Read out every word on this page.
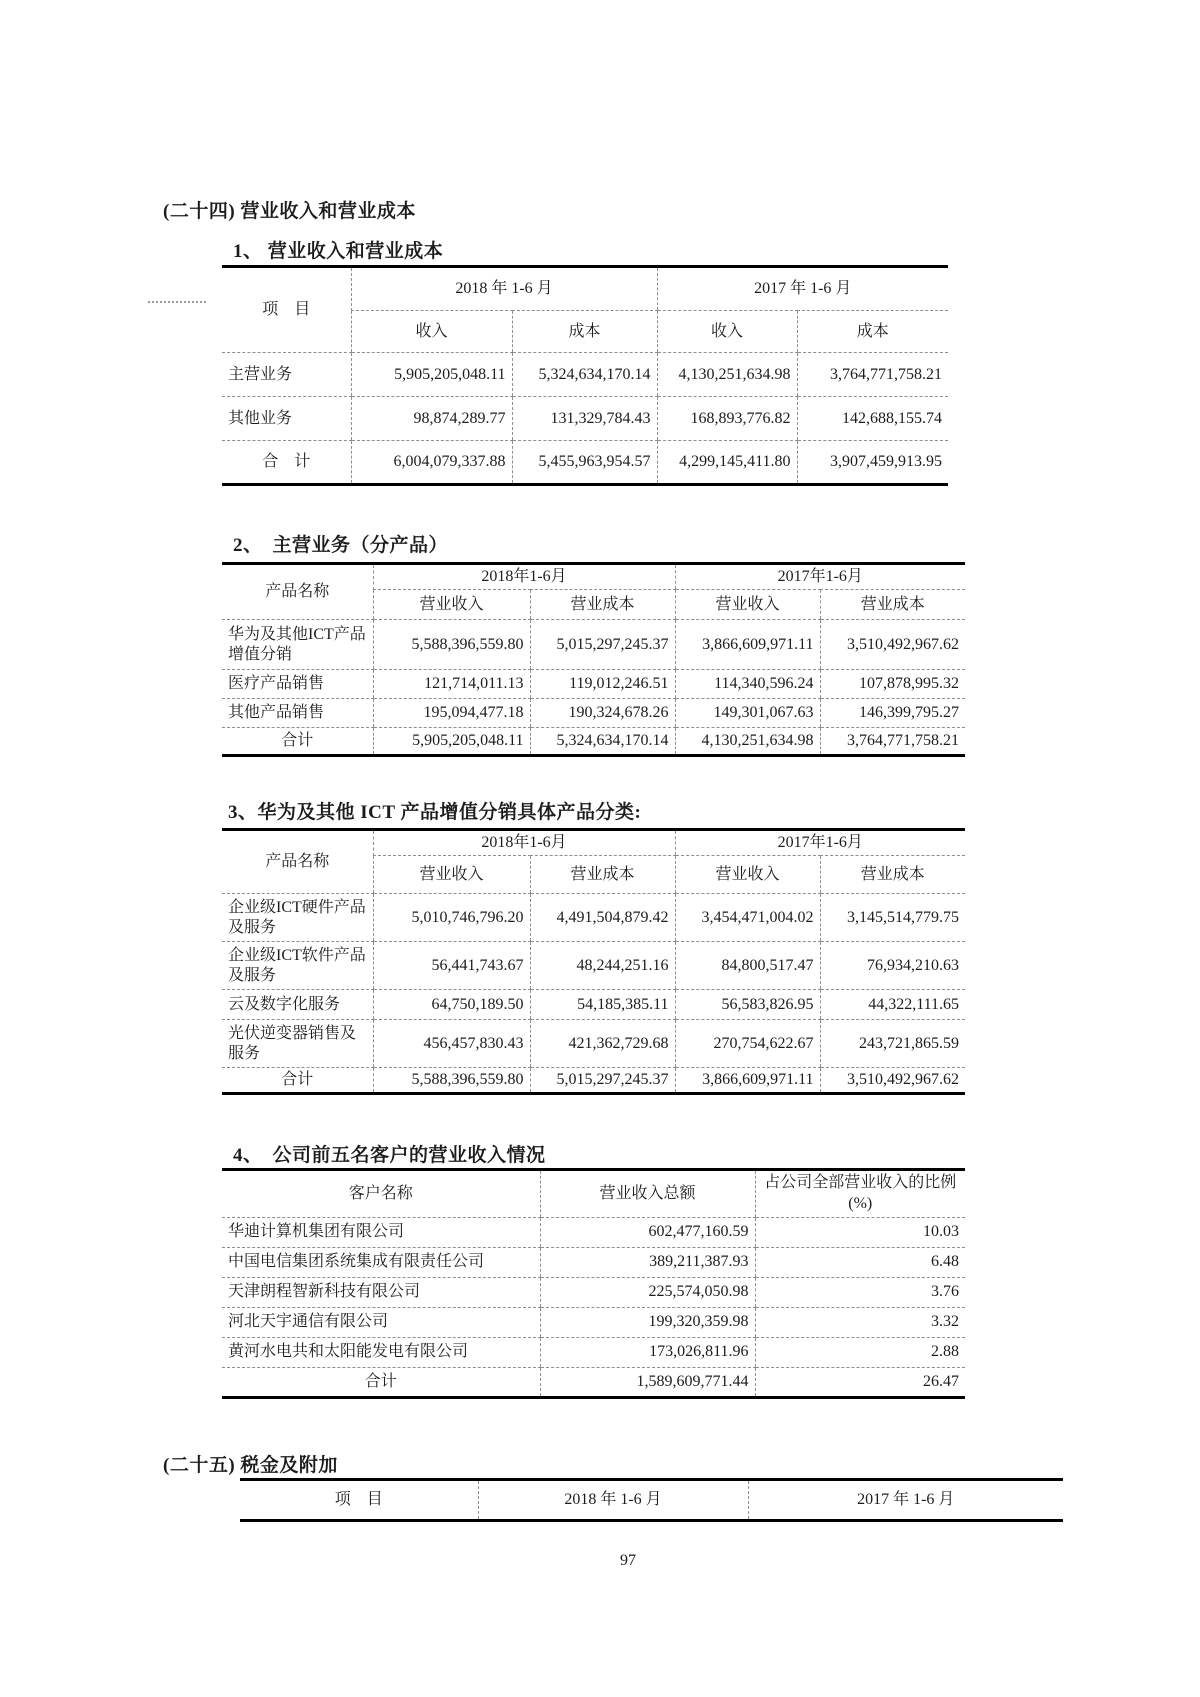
(二十四) 营业收入和营业成本
1、 营业收入和营业成本
项　目	2018 年 1-6 月		2017 年 1-6 月	
	收入	成本	收入	成本
主营业务	5,905,205,048.11	5,324,634,170.14	4,130,251,634.98	3,764,771,758.21
其他业务	98,874,289.77	131,329,784.43	168,893,776.82	142,688,155.74
合　计	6,004,079,337.88	5,455,963,954.57	4,299,145,411.80	3,907,459,913.95
2、　主营业务（分产品）
产品名称	2018年1-6月		2017年1-6月	
	营业收入	营业成本	营业收入	营业成本
华为及其他ICT产品增值分销	5,588,396,559.80	5,015,297,245.37	3,866,609,971.11	3,510,492,967.62
医疗产品销售	121,714,011.13	119,012,246.51	114,340,596.24	107,878,995.32
其他产品销售	195,094,477.18	190,324,678.26	149,301,067.63	146,399,795.27
合计	5,905,205,048.11	5,324,634,170.14	4,130,251,634.98	3,764,771,758.21
3、华为及其他 ICT 产品增值分销具体产品分类:
产品名称	2018年1-6月		2017年1-6月	
	营业收入	营业成本	营业收入	营业成本
企业级ICT硬件产品及服务	5,010,746,796.20	4,491,504,879.42	3,454,471,004.02	3,145,514,779.75
企业级ICT软件产品及服务	56,441,743.67	48,244,251.16	84,800,517.47	76,934,210.63
云及数字化服务	64,750,189.50	54,185,385.11	56,583,826.95	44,322,111.65
光伏逆变器销售及服务	456,457,830.43	421,362,729.68	270,754,622.67	243,721,865.59
合计	5,588,396,559.80	5,015,297,245.37	3,866,609,971.11	3,510,492,967.62
4、　公司前五名客户的营业收入情况
客户名称	营业收入总额	占公司全部营业收入的比例
(%)

华迪计算机集团有限公司	602,477,160.59	10.03
中国电信集团系统集成有限责任公司	389,211,387.93	6.48
天津朗程智新科技有限公司	225,574,050.98	3.76
河北天宇通信有限公司	199,320,359.98	3.32
黄河水电共和太阳能发电有限公司	173,026,811.96	2.88
合计	1,589,609,771.44	26.47
(二十五) 税金及附加
项　目	2018 年 1-6 月	2017 年 1-6 月
97
